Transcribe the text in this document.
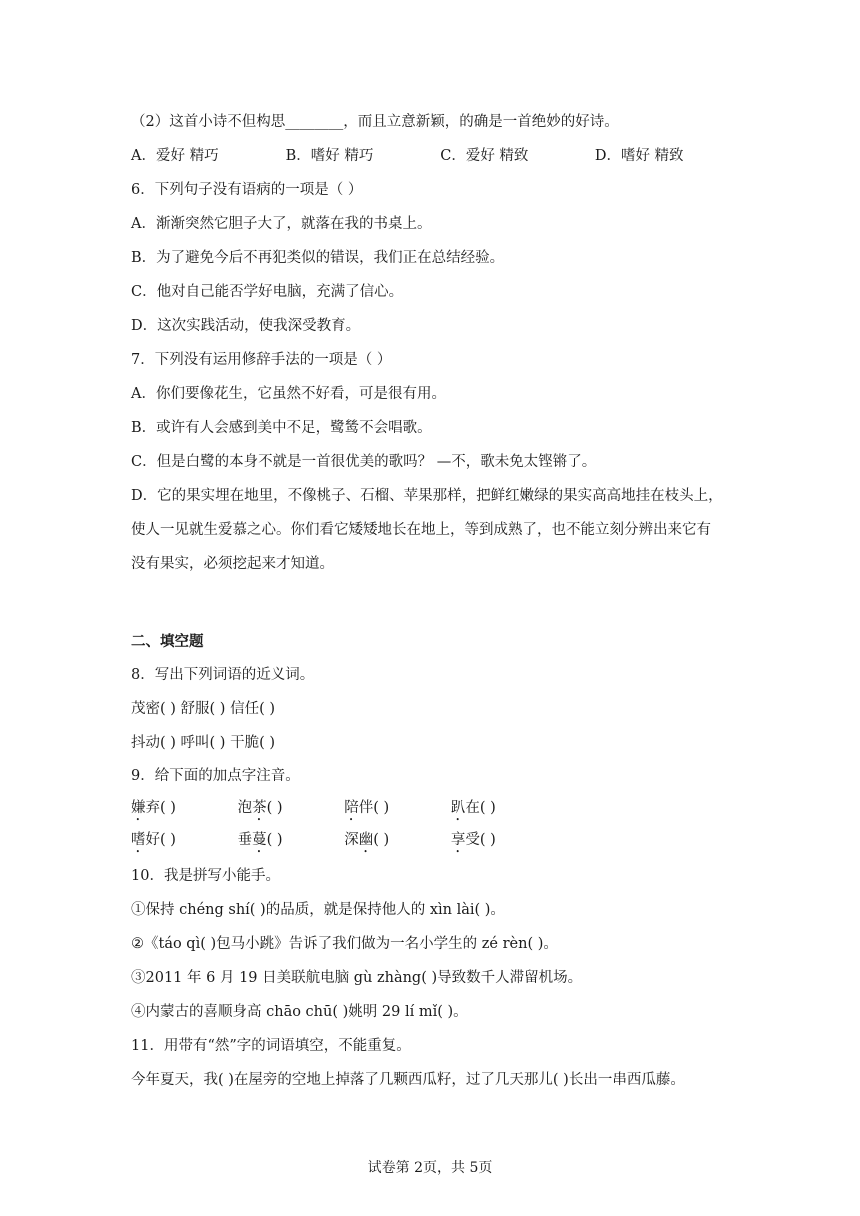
（2）这首小诗不但构思________，而且立意新颖，的确是一首绝妙的好诗。
A．爱好 精巧	B．嗜好 精巧	C．爱好 精致	D．嗜好 精致
6．下列句子没有语病的一项是（ ）
A．渐渐突然它胆子大了，就落在我的书桌上。
B．为了避免今后不再犯类似的错误，我们正在总结经验。
C．他对自己能否学好电脑，充满了信心。
D．这次实践活动，使我深受教育。
7．下列没有运用修辞手法的一项是（ ）
A．你们要像花生，它虽然不好看，可是很有用。
B．或许有人会感到美中不足，鹭鸶不会唱歌。
C．但是白鹭的本身不就是一首很优美的歌吗？ —不，歌未免太铿锵了。
D．它的果实埋在地里，不像桃子、石榴、苹果那样，把鲜红嫩绿的果实高高地挂在枝头上，
使人一见就生爱慕之心。你们看它矮矮地长在地上，等到成熟了，也不能立刻分辨出来它有
没有果实，必须挖起来才知道。
二、填空题
8．写出下列词语的近义词。
茂密( ) 舒服( ) 信任( )
抖动( ) 呼叫( ) 干脆( )
9．给下面的加点字注音。
嫌弃( )	泡茶( )	陪伴( )	趴在( )
嗜好( )	垂蔓( )	深幽( )	享受( )
10．我是拼写小能手。
①保持 chéng shí( )的品质，就是保持他人的 xìn lài( )。
②《táo qì( )包马小跳》告诉了我们做为一名小学生的 zé rèn( )。
③2011 年 6 月 19 日美联航电脑 gù zhàng( )导致数千人滞留机场。
④内蒙古的喜顺身高 chāo chū( )姚明 29 lí mǐ( )。
11．用带有“然”字的词语填空，不能重复。
今年夏天，我( )在屋旁的空地上掉落了几颗西瓜籽，过了几天那儿( )长出一串西瓜藤。
试卷第 2页，共 5页
